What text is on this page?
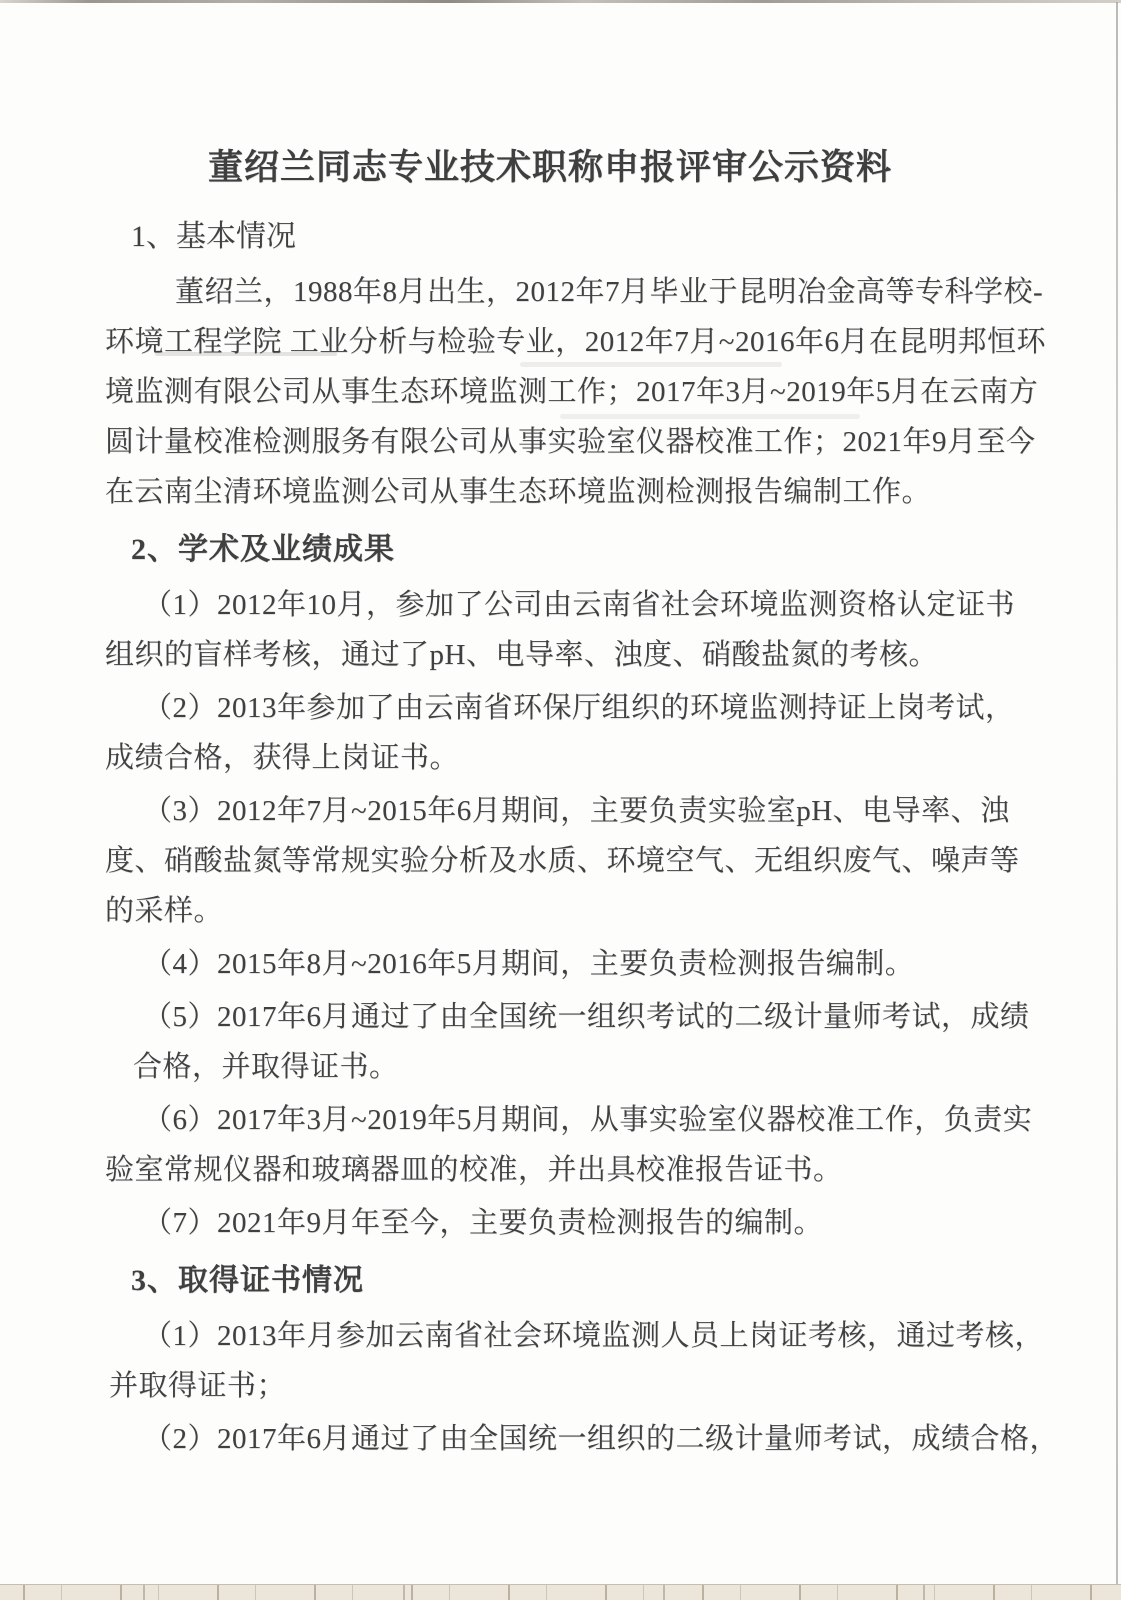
董绍兰同志专业技术职称申报评审公示资料
1、基本情况
董绍兰，1988年8月出生，2012年7月毕业于昆明冶金高等专科学校-
环境工程学院 工业分析与检验专业，2012年7月~2016年6月在昆明邦恒环
境监测有限公司从事生态环境监测工作；2017年3月~2019年5月在云南方
圆计量校准检测服务有限公司从事实验室仪器校准工作；2021年9月至今
在云南尘清环境监测公司从事生态环境监测检测报告编制工作。
2、学术及业绩成果
（1）2012年10月，参加了公司由云南省社会环境监测资格认定证书
组织的盲样考核，通过了pH、电导率、浊度、硝酸盐氮的考核。
（2）2013年参加了由云南省环保厅组织的环境监测持证上岗考试，
成绩合格，获得上岗证书。
（3）2012年7月~2015年6月期间，主要负责实验室pH、电导率、浊
度、硝酸盐氮等常规实验分析及水质、环境空气、无组织废气、噪声等
的采样。
（4）2015年8月~2016年5月期间，主要负责检测报告编制。
（5）2017年6月通过了由全国统一组织考试的二级计量师考试，成绩
合格，并取得证书。
（6）2017年3月~2019年5月期间，从事实验室仪器校准工作，负责实
验室常规仪器和玻璃器皿的校准，并出具校准报告证书。
（7）2021年9月年至今，主要负责检测报告的编制。
3、取得证书情况
（1）2013年月参加云南省社会环境监测人员上岗证考核，通过考核，
并取得证书；
（2）2017年6月通过了由全国统一组织的二级计量师考试，成绩合格，
